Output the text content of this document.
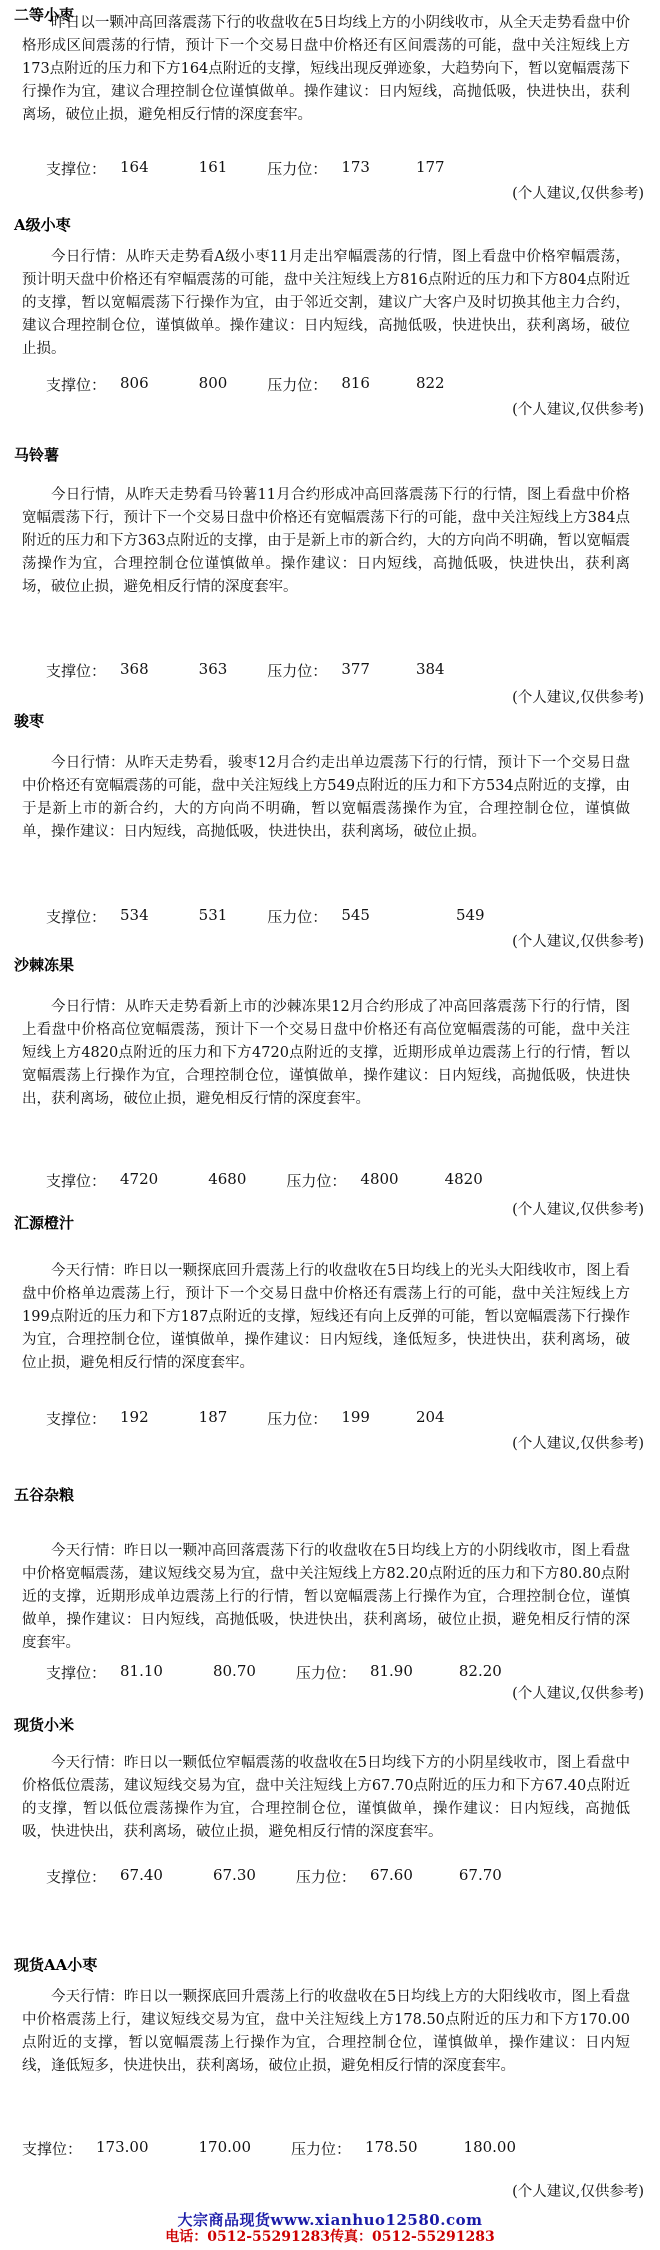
二等小枣
昨日以一颗冲高回落震荡下行的收盘收在5日均线上方的小阴线收市，从全天走势看盘中价格形成区间震荡的行情，预计下一个交易日盘中价格还有区间震荡的可能，盘中关注短线上方173点附近的压力和下方164点附近的支撑，短线出现反弹迹象，大趋势向下，暂以宽幅震荡下行操作为宜，建议合理控制仓位谨慎做单。操作建议：日内短线，高抛低吸，快进快出，获利离场，破位止损，避免相反行情的深度套牢。
支撑位： 164	161	压力位： 173	177
(个人建议,仅供参考)
A级小枣
今日行情：从昨天走势看A级小枣11月走出窄幅震荡的行情，图上看盘中价格窄幅震荡，预计明天盘中价格还有窄幅震荡的可能，盘中关注短线上方816点附近的压力和下方804点附近的支撑，暂以宽幅震荡下行操作为宜，由于邻近交割，建议广大客户及时切换其他主力合约，建议合理控制仓位，谨慎做单。操作建议：日内短线，高抛低吸，快进快出，获利离场，破位止损。
支撑位： 806	800	压力位： 816	822
(个人建议,仅供参考)
马铃薯
今日行情，从昨天走势看马铃薯11月合约形成冲高回落震荡下行的行情，图上看盘中价格宽幅震荡下行，预计下一个交易日盘中价格还有宽幅震荡下行的可能，盘中关注短线上方384点附近的压力和下方363点附近的支撑，由于是新上市的新合约，大的方向尚不明确，暂以宽幅震荡操作为宜，合理控制仓位谨慎做单。操作建议：日内短线，高抛低吸，快进快出，获利离场，破位止损，避免相反行情的深度套牢。
支撑位： 368	363	压力位： 377	384
(个人建议,仅供参考)
骏枣
今日行情：从昨天走势看，骏枣12月合约走出单边震荡下行的行情，预计下一个交易日盘中价格还有宽幅震荡的可能，盘中关注短线上方549点附近的压力和下方534点附近的支撑，由于是新上市的新合约，大的方向尚不明确，暂以宽幅震荡操作为宜，合理控制仓位，谨慎做单，操作建议：日内短线，高抛低吸，快进快出，获利离场，破位止损。
支撑位： 534	531	压力位： 545	549
(个人建议,仅供参考)
沙棘冻果
今日行情：从昨天走势看新上市的沙棘冻果12月合约形成了冲高回落震荡下行的行情，图上看盘中价格高位宽幅震荡，预计下一个交易日盘中价格还有高位宽幅震荡的可能，盘中关注短线上方4820点附近的压力和下方4720点附近的支撑，近期形成单边震荡上行的行情，暂以宽幅震荡上行操作为宜，合理控制仓位，谨慎做单，操作建议：日内短线，高抛低吸，快进快出，获利离场，破位止损，避免相反行情的深度套牢。
支撑位： 4720	4680	压力位： 4800	4820
(个人建议,仅供参考)
汇源橙汁
今天行情：昨日以一颗探底回升震荡上行的收盘收在5日均线上的光头大阳线收市，图上看盘中价格单边震荡上行，预计下一个交易日盘中价格还有震荡上行的可能，盘中关注短线上方199点附近的压力和下方187点附近的支撑，短线还有向上反弹的可能，暂以宽幅震荡下行操作为宜，合理控制仓位，谨慎做单，操作建议：日内短线，逢低短多，快进快出，获利离场，破位止损，避免相反行情的深度套牢。
支撑位： 192	187	压力位： 199	204
(个人建议,仅供参考)
五谷杂粮
今天行情：昨日以一颗冲高回落震荡下行的收盘收在5日均线上方的小阴线收市，图上看盘中价格宽幅震荡，建议短线交易为宜，盘中关注短线上方82.20点附近的压力和下方80.80点附近的支撑，近期形成单边震荡上行的行情，暂以宽幅震荡上行操作为宜，合理控制仓位，谨慎做单，操作建议：日内短线，高抛低吸，快进快出，获利离场，破位止损，避免相反行情的深度套牢。
支撑位： 81.10	80.70	压力位： 81.90	82.20
(个人建议,仅供参考)
现货小米
今天行情：昨日以一颗低位窄幅震荡的收盘收在5日均线下方的小阴星线收市，图上看盘中价格低位震荡，建议短线交易为宜，盘中关注短线上方67.70点附近的压力和下方67.40点附近的支撑，暂以低位震荡操作为宜，合理控制仓位，谨慎做单，操作建议：日内短线，高抛低吸，快进快出，获利离场，破位止损，避免相反行情的深度套牢。
支撑位： 67.40	67.30	压力位： 67.60	67.70
现货AA小枣
今天行情：昨日以一颗探底回升震荡上行的收盘收在5日均线上方的大阳线收市，图上看盘中价格震荡上行，建议短线交易为宜，盘中关注短线上方178.50点附近的压力和下方170.00点附近的支撑，暂以宽幅震荡上行操作为宜，合理控制仓位，谨慎做单，操作建议：日内短线，逢低短多，快进快出，获利离场，破位止损，避免相反行情的深度套牢。
支撑位： 173.00	170.00	压力位： 178.50	180.00
(个人建议,仅供参考)
大宗商品现货www.xianhuo12580.com
电话：0512-55291283传真：0512-55291283
